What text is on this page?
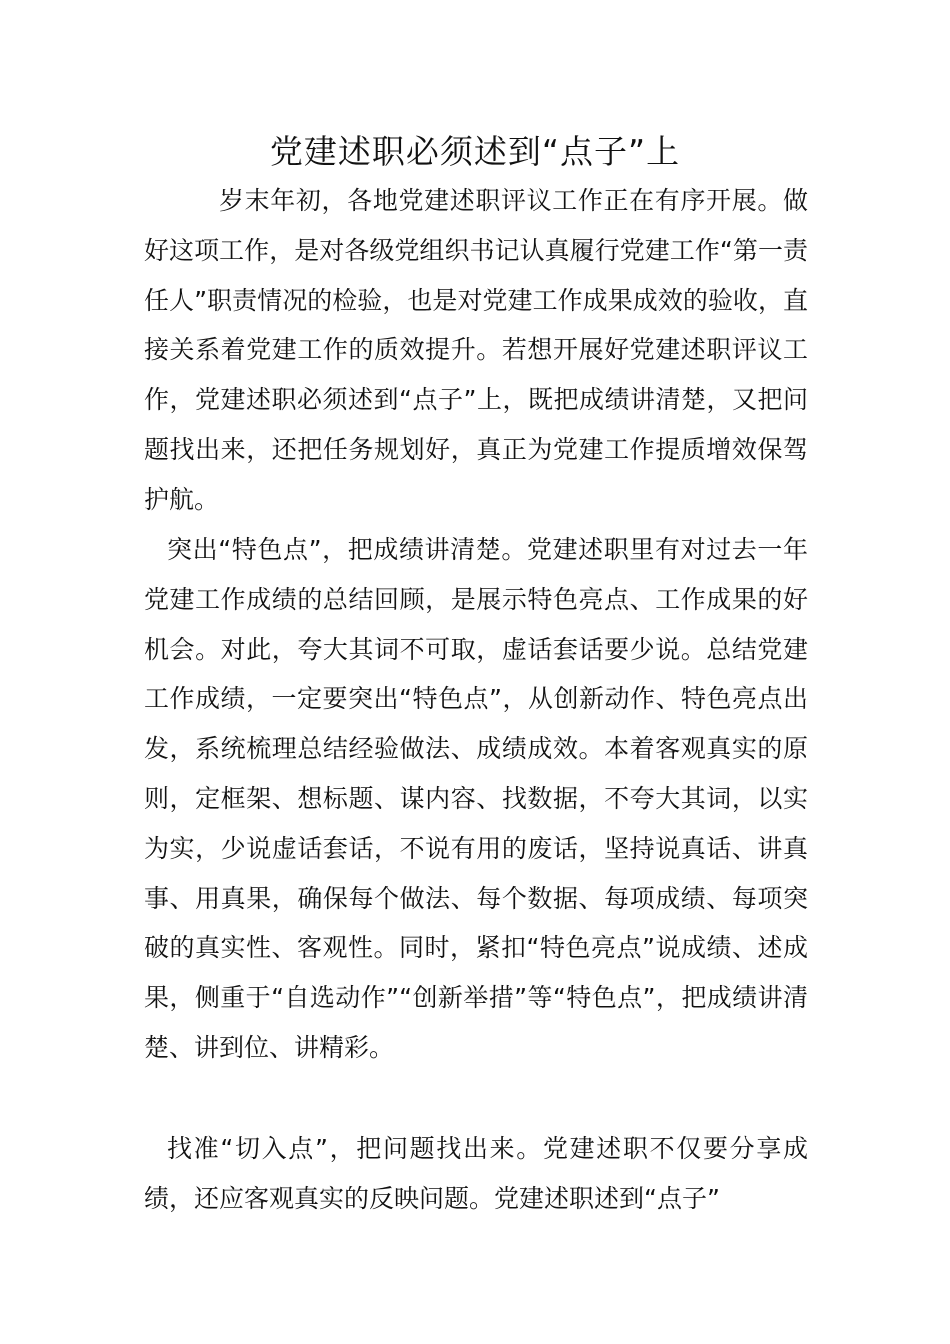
党建述职必须述到“点子”上

岁末年初，各地党建述职评议工作正在有序开展。做好这项工作，是对各级党组织书记认真履行党建工作“第一责任人”职责情况的检验，也是对党建工作成果成效的验收，直接关系着党建工作的质效提升。若想开展好党建述职评议工作，党建述职必须述到“点子”上，既把成绩讲清楚，又把问题找出来，还把任务规划好，真正为党建工作提质增效保驾护航。

突出“特色点”，把成绩讲清楚。党建述职里有对过去一年党建工作成绩的总结回顾，是展示特色亮点、工作成果的好机会。对此，夸大其词不可取，虚话套话要少说。总结党建工作成绩，一定要突出“特色点”，从创新动作、特色亮点出发，系统梳理总结经验做法、成绩成效。本着客观真实的原则，定框架、想标题、谋内容、找数据，不夸大其词，以实为实，少说虚话套话，不说有用的废话，坚持说真话、讲真事、用真果，确保每个做法、每个数据、每项成绩、每项突破的真实性、客观性。同时，紧扣“特色亮点”说成绩、述成果，侧重于“自选动作”“创新举措”等“特色点”，把成绩讲清楚、讲到位、讲精彩。

找准“切入点”，把问题找出来。党建述职不仅要分享成绩，还应客观真实的反映问题。党建述职述到“点子”
